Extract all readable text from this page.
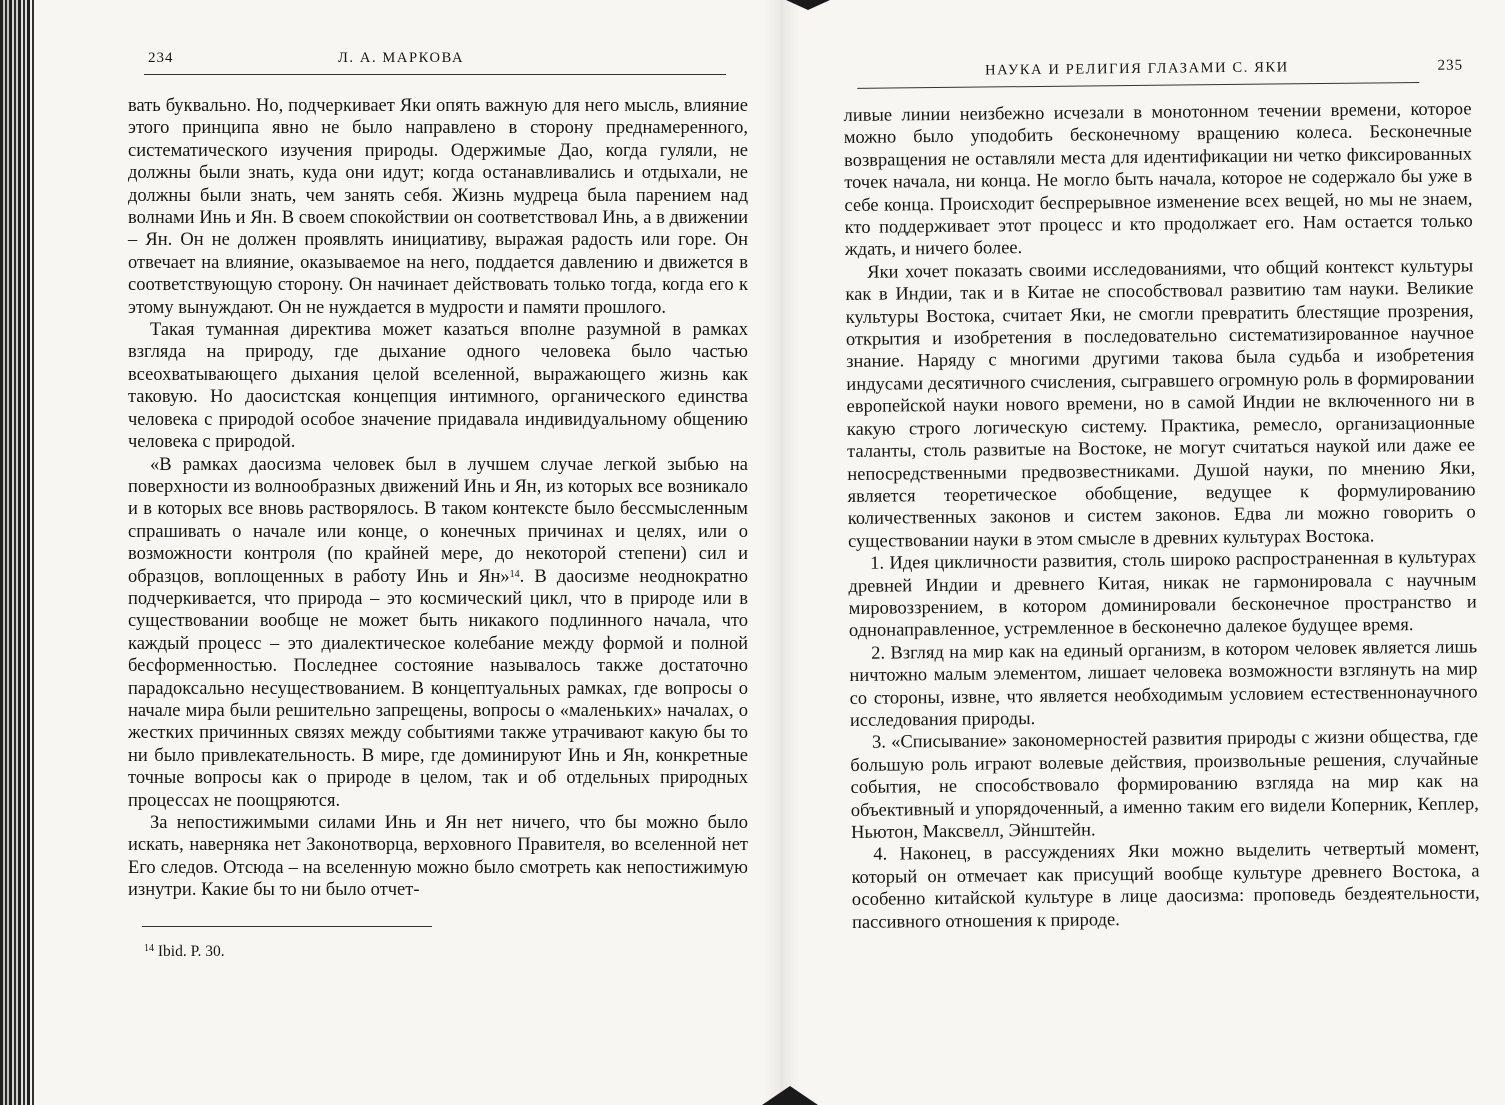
234	Л. А. МАРКОВА

вать буквально. Но, подчеркивает Яки опять важную для него мысль, влияние этого принципа явно не было направлено в сторону преднамеренного, систематического изучения природы. Одержимые Дао, когда гуляли, не должны были знать, куда они идут; когда останавливались и отдыхали, не должны были знать, чем занять себя. Жизнь мудреца была парением над волнами Инь и Ян. В своем спокойствии он соответствовал Инь, а в движении – Ян. Он не должен проявлять инициативу, выражая радость или горе. Он отвечает на влияние, оказываемое на него, поддается давлению и движется в соответствующую сторону. Он начинает действовать только тогда, когда его к этому вынуждают. Он не нуждается в мудрости и памяти прошлого.

Такая туманная директива может казаться вполне разумной в рамках взгляда на природу, где дыхание одного человека было частью всеохватывающего дыхания целой вселенной, выражающего жизнь как таковую. Но даосистская концепция интимного, органического единства человека с природой особое значение придавала индивидуальному общению человека с природой.

«В рамках даосизма человек был в лучшем случае легкой зыбью на поверхности из волнообразных движений Инь и Ян, из которых все возникало и в которых все вновь растворялось. В таком контексте было бессмысленным спрашивать о начале или конце, о конечных причинах и целях, или о возможности контроля (по крайней мере, до некоторой степени) сил и образцов, воплощенных в работу Инь и Ян»$^{14}$. В даосизме неоднократно подчеркивается, что природа – это космический цикл, что в природе или в существовании вообще не может быть никакого подлинного начала, что каждый процесс – это диалектическое колебание между формой и полной бесформенностью. Последнее состояние называлось также достаточно парадоксально несуществованием. В концептуальных рамках, где вопросы о начале мира были решительно запрещены, вопросы о «маленьких» началах, о жестких причинных связях между событиями также утрачивают какую бы то ни было привлекательность. В мире, где доминируют Инь и Ян, конкретные точные вопросы как о природе в целом, так и об отдельных природных процессах не поощряются.

За непостижимыми силами Инь и Ян нет ничего, что бы можно было искать, наверняка нет Законотворца, верховного Правителя, во вселенной нет Его следов. Отсюда – на вселенную можно было смотреть как непостижимую изнутри. Какие бы то ни было отчет-

$^{14}$ Ibid. P. 30.
НАУКА И РЕЛИГИЯ ГЛАЗАМИ С. ЯКИ	235

ливые линии неизбежно исчезали в монотонном течении времени, которое можно было уподобить бесконечному вращению колеса. Бесконечные возвращения не оставляли места для идентификации ни четко фиксированных точек начала, ни конца. Не могло быть начала, которое не содержало бы уже в себе конца. Происходит беспрерывное изменение всех вещей, но мы не знаем, кто поддерживает этот процесс и кто продолжает его. Нам остается только ждать, и ничего более.

Яки хочет показать своими исследованиями, что общий контекст культуры как в Индии, так и в Китае не способствовал развитию там науки. Великие культуры Востока, считает Яки, не смогли превратить блестящие прозрения, открытия и изобретения в последовательно систематизированное научное знание. Наряду с многими другими такова была судьба и изобретения индусами десятичного счисления, сыгравшего огромную роль в формировании европейской науки нового времени, но в самой Индии не включенного ни в какую строго логическую систему. Практика, ремесло, организационные таланты, столь развитые на Востоке, не могут считаться наукой или даже ее непосредственными предвозвестниками. Душой науки, по мнению Яки, является теоретическое обобщение, ведущее к формулированию количественных законов и систем законов. Едва ли можно говорить о существовании науки в этом смысле в древних культурах Востока.

1. Идея цикличности развития, столь широко распространенная в культурах древней Индии и древнего Китая, никак не гармонировала с научным мировоззрением, в котором доминировали бесконечное пространство и однонаправленное, устремленное в бесконечно далекое будущее время.

2. Взгляд на мир как на единый организм, в котором человек является лишь ничтожно малым элементом, лишает человека возможности взглянуть на мир со стороны, извне, что является необходимым условием естественнонаучного исследования природы.

3. «Списывание» закономерностей развития природы с жизни общества, где большую роль играют волевые действия, произвольные решения, случайные события, не способствовало формированию взгляда на мир как на объективный и упорядоченный, а именно таким его видели Коперник, Кеплер, Ньютон, Максвелл, Эйнштейн.

4. Наконец, в рассуждениях Яки можно выделить четвертый момент, который он отмечает как присущий вообще культуре древнего Востока, а особенно китайской культуре в лице даосизма: проповедь бездеятельности, пассивного отношения к природе.
